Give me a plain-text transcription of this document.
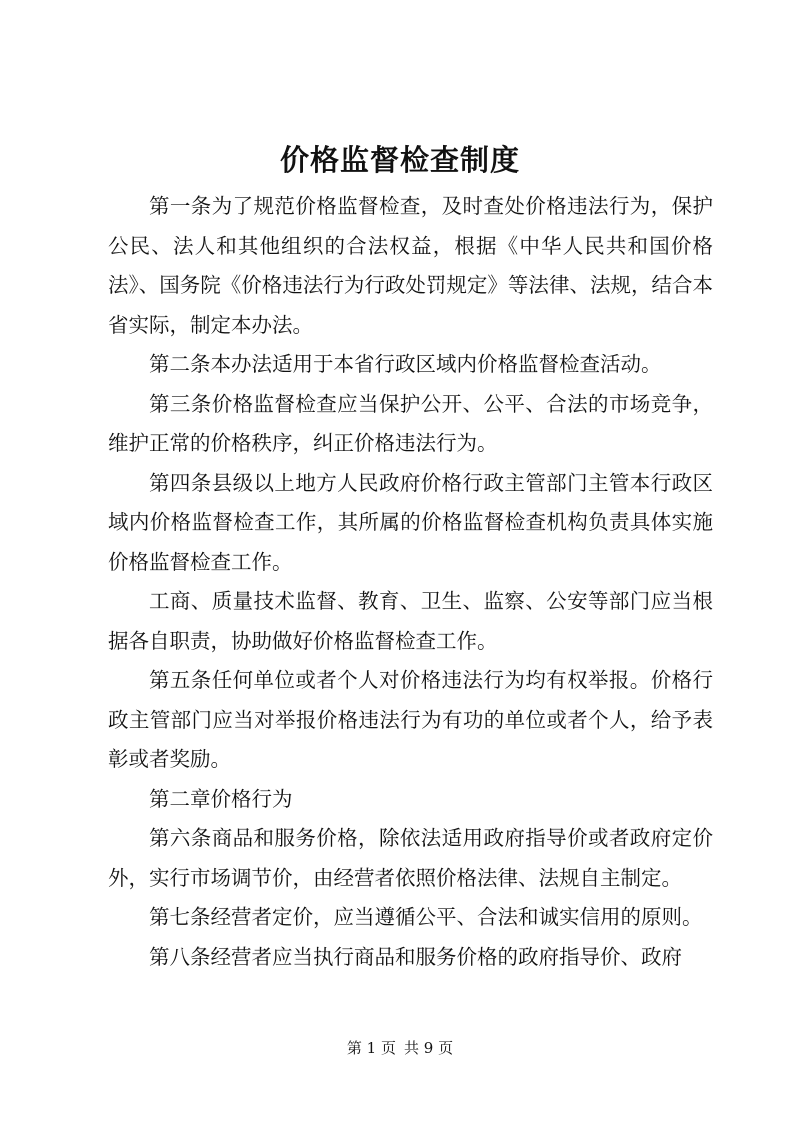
价格监督检查制度

第一条为了规范价格监督检查，及时查处价格违法行为，保护公民、法人和其他组织的合法权益，根据《中华人民共和国价格法》、国务院《价格违法行为行政处罚规定》等法律、法规，结合本省实际，制定本办法。

第二条本办法适用于本省行政区域内价格监督检查活动。

第三条价格监督检查应当保护公开、公平、合法的市场竞争，维护正常的价格秩序，纠正价格违法行为。

第四条县级以上地方人民政府价格行政主管部门主管本行政区域内价格监督检查工作，其所属的价格监督检查机构负责具体实施价格监督检查工作。

工商、质量技术监督、教育、卫生、监察、公安等部门应当根据各自职责，协助做好价格监督检查工作。

第五条任何单位或者个人对价格违法行为均有权举报。价格行政主管部门应当对举报价格违法行为有功的单位或者个人，给予表彰或者奖励。

第二章价格行为

第六条商品和服务价格，除依法适用政府指导价或者政府定价外，实行市场调节价，由经营者依照价格法律、法规自主制定。

第七条经营者定价，应当遵循公平、合法和诚实信用的原则。

第八条经营者应当执行商品和服务价格的政府指导价、政府

第 1 页 共 9 页
